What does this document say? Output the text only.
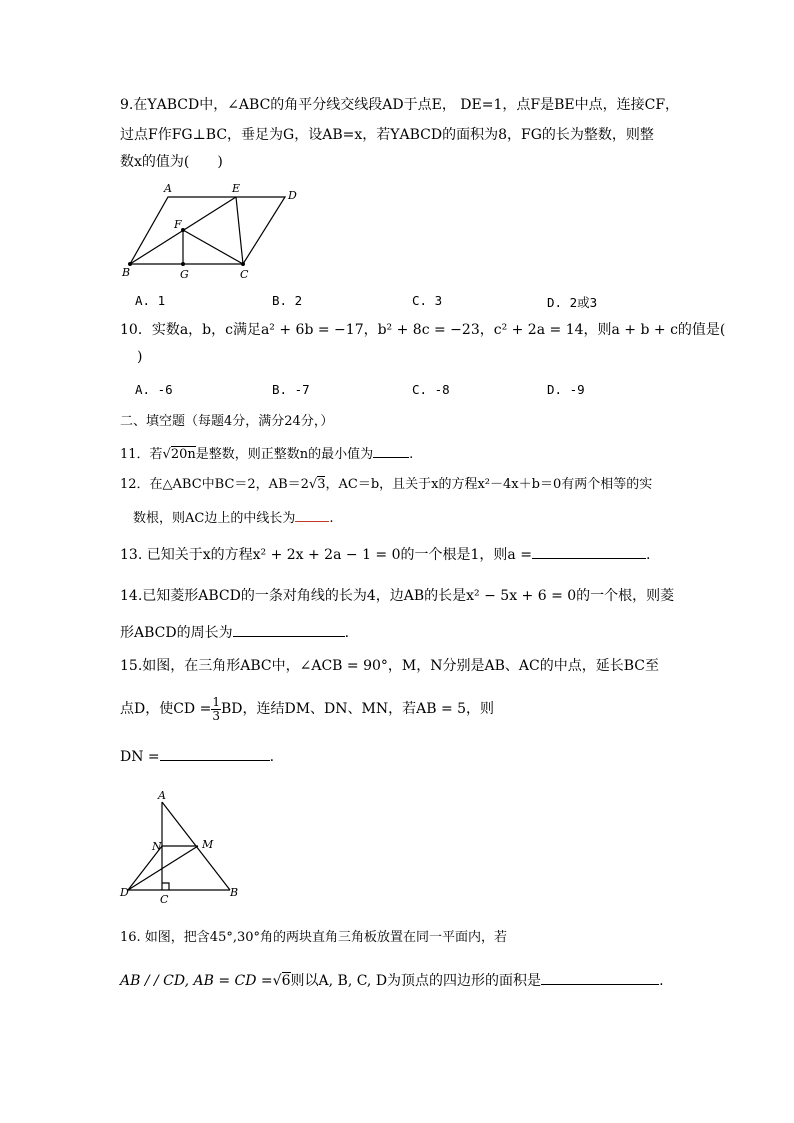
9.在ΥABCD中，∠ABC的角平分线交线段AD于点E， DE=1，点F是BE中点，连接CF，
过点F作FG⊥BC，垂足为G，设AB=x，若ΥABCD的面积为8，FG的长为整数，则整
数x的值为(　　)
A	E
D
F
B	G	C
A. 1	B. 2	C. 3	D. 2或3
10．实数a，b，c满足a² + 6b = −17，b² + 8c = −23，c² + 2a = 14，则a + b + c的值是(
)
A. -6	B. -7	C. -8	D. -9
二、填空题（每题4分，满分24分，）
11．若√20n是整数，则正整数n的最小值为	.
12．在△ABC中BC＝2，AB＝2√3，AC＝b，且关于x的方程x²－4x＋b＝0有两个相等的实
数根，则AC边上的中线长为	.
13. 已知关于x的方程x² + 2x + 2a − 1 = 0的一个根是1，则a =	.
14.已知菱形ABCD的一条对角线的长为4，边AB的长是x² − 5x + 6 = 0的一个根，则菱
形ABCD的周长为	.
15.如图，在三角形ABC中，∠ACB = 90°，M，N分别是AB、AC的中点，延长BC至
点D，使CD = $\frac{1}{3}$ BD，连结DM、DN、MN，若AB = 5，则
DN =	.
A
N	M
D
C
B
16. 如图，把含45°,30°角的两块直角三角板放置在同一平面内，若
AB / / CD, AB = CD =√6则以A, B, C, D为顶点的四边形的面积是	.
